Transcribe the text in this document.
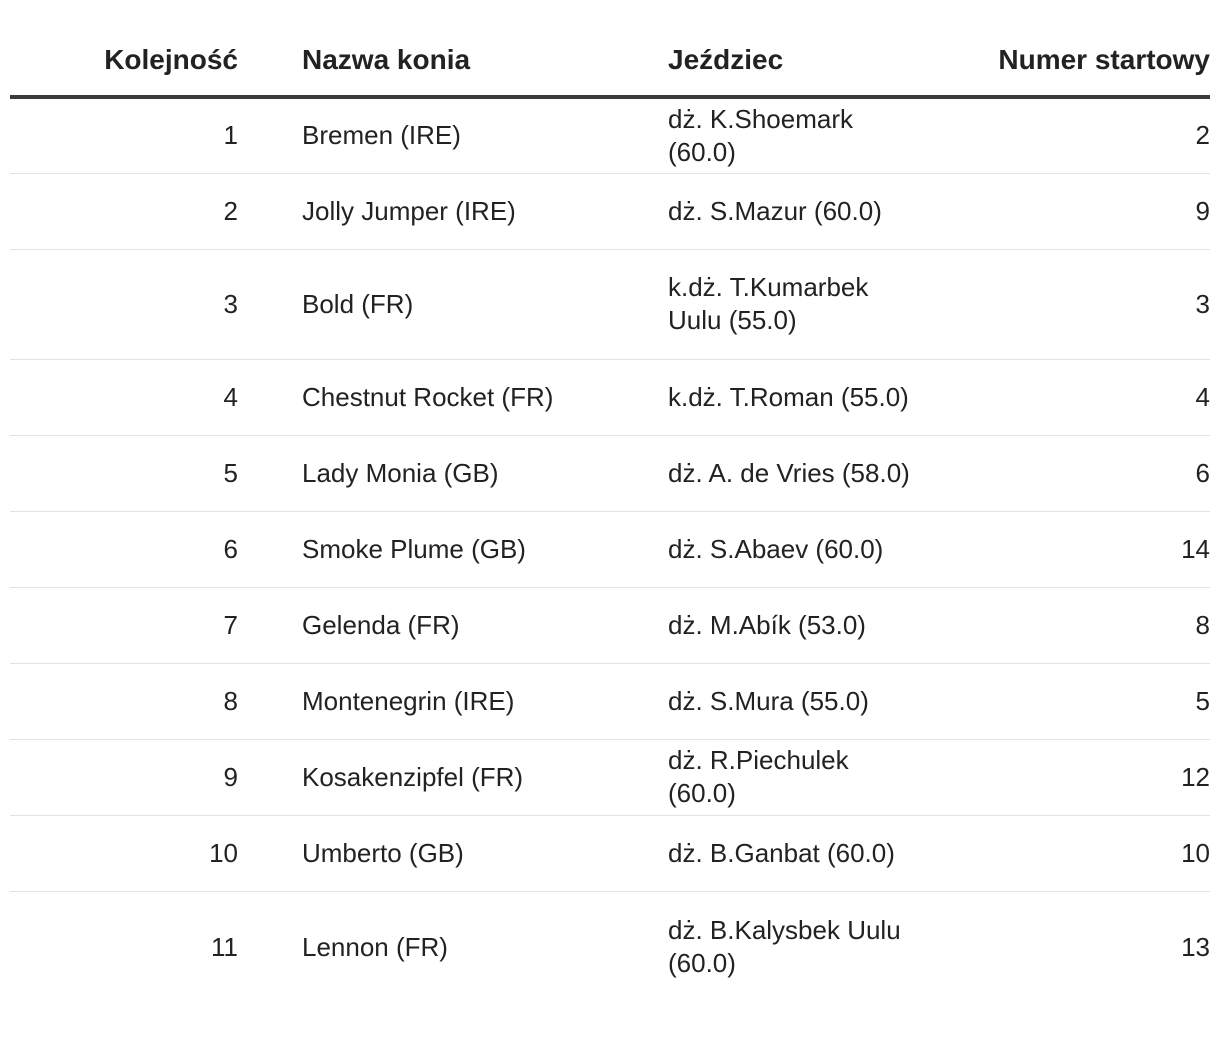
Kolejność		Nazwa konia	Jeździec	Numer startowy
1		Bremen (IRE)	dż. K.Shoemark (60.0)	2
2		Jolly Jumper (IRE)	dż. S.Mazur (60.0)	9
3		Bold (FR)	k.dż. T.Kumarbek Uulu (55.0)	3
4		Chestnut Rocket (FR)	k.dż. T.Roman (55.0)	4
5		Lady Monia (GB)	dż. A. de Vries (58.0)	6
6		Smoke Plume (GB)	dż. S.Abaev (60.0)	14
7		Gelenda (FR)	dż. M.Abík (53.0)	8
8		Montenegrin (IRE)	dż. S.Mura (55.0)	5
9		Kosakenzipfel (FR)	dż. R.Piechulek (60.0)	12
10		Umberto (GB)	dż. B.Ganbat (60.0)	10
11		Lennon (FR)	dż. B.Kalysbek Uulu (60.0)	13
